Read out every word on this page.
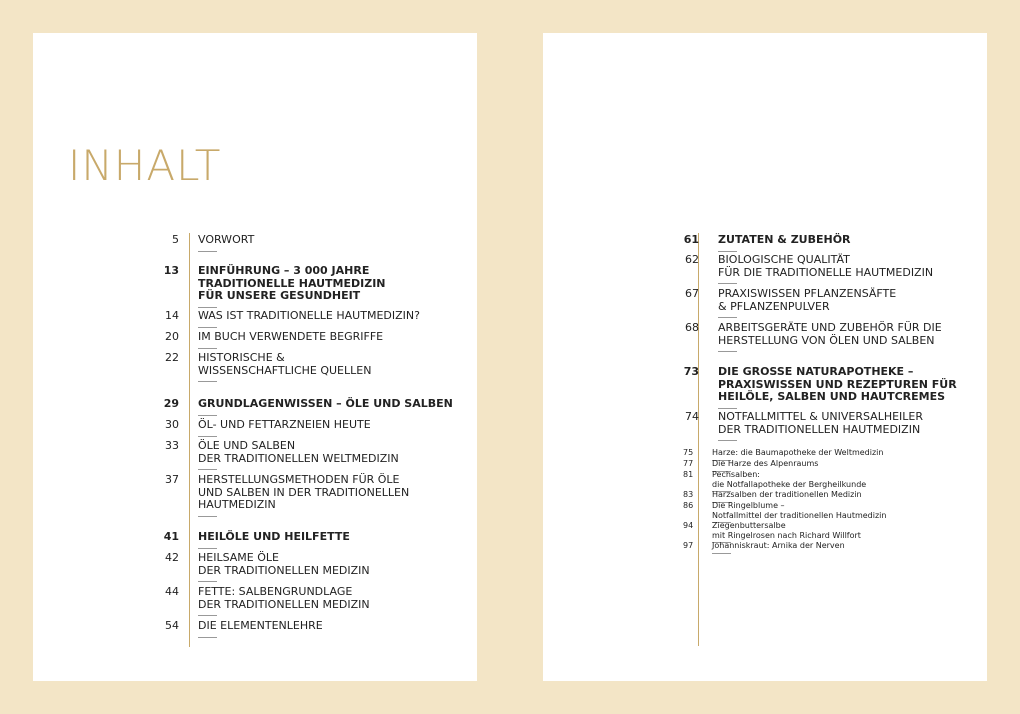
INHALT
5 VORWORT
13 EINFÜHRUNG – 3 000 JAHRE
TRADITIONELLE HAUTMEDIZIN
FÜR UNSERE GESUNDHEIT
14 WAS IST TRADITIONELLE HAUTMEDIZIN?
20 IM BUCH VERWENDETE BEGRIFFE
22 HISTORISCHE &
WISSENSCHAFTLICHE QUELLEN
29 GRUNDLAGENWISSEN – ÖLE UND SALBEN
30 ÖL- UND FETTARZNEIEN HEUTE
33 ÖLE UND SALBEN
DER TRADITIONELLEN WELTMEDIZIN
37 HERSTELLUNGSMETHODEN FÜR ÖLE
UND SALBEN IN DER TRADITIONELLEN
HAUTMEDIZIN
41 HEILÖLE UND HEILFETTE
42 HEILSAME ÖLE
DER TRADITIONELLEN MEDIZIN
44 FETTE: SALBENGRUNDLAGE
DER TRADITIONELLEN MEDIZIN
54 DIE ELEMENTENLEHRE
61 ZUTATEN & ZUBEHÖR
62 BIOLOGISCHE QUALITÄT
FÜR DIE TRADITIONELLE HAUTMEDIZIN
67 PRAXISWISSEN PFLANZENSÄFTE
& PFLANZENPULVER
68 ARBEITSGERÄTE UND ZUBEHÖR FÜR DIE
HERSTELLUNG VON ÖLEN UND SALBEN
73 DIE GROSSE NATURAPOTHEKE –
PRAXISWISSEN UND REZEPTUREN FÜR
HEILÖLE, SALBEN UND HAUTCREMES
74 NOTFALLMITTEL & UNIVERSALHEILER
DER TRADITIONELLEN HAUTMEDIZIN
75 Harze: die Baumapotheke der Weltmedizin
77 Die Harze des Alpenraums
81 Pechsalben:
die Notfallapotheke der Bergheilkunde
83 Harzsalben der traditionellen Medizin
86 Die Ringelblume –
Notfallmittel der traditionellen Hautmedizin
94 Ziegenbuttersalbe
mit Ringelrosen nach Richard Willfort
97 Johanniskraut: Arnika der Nerven
